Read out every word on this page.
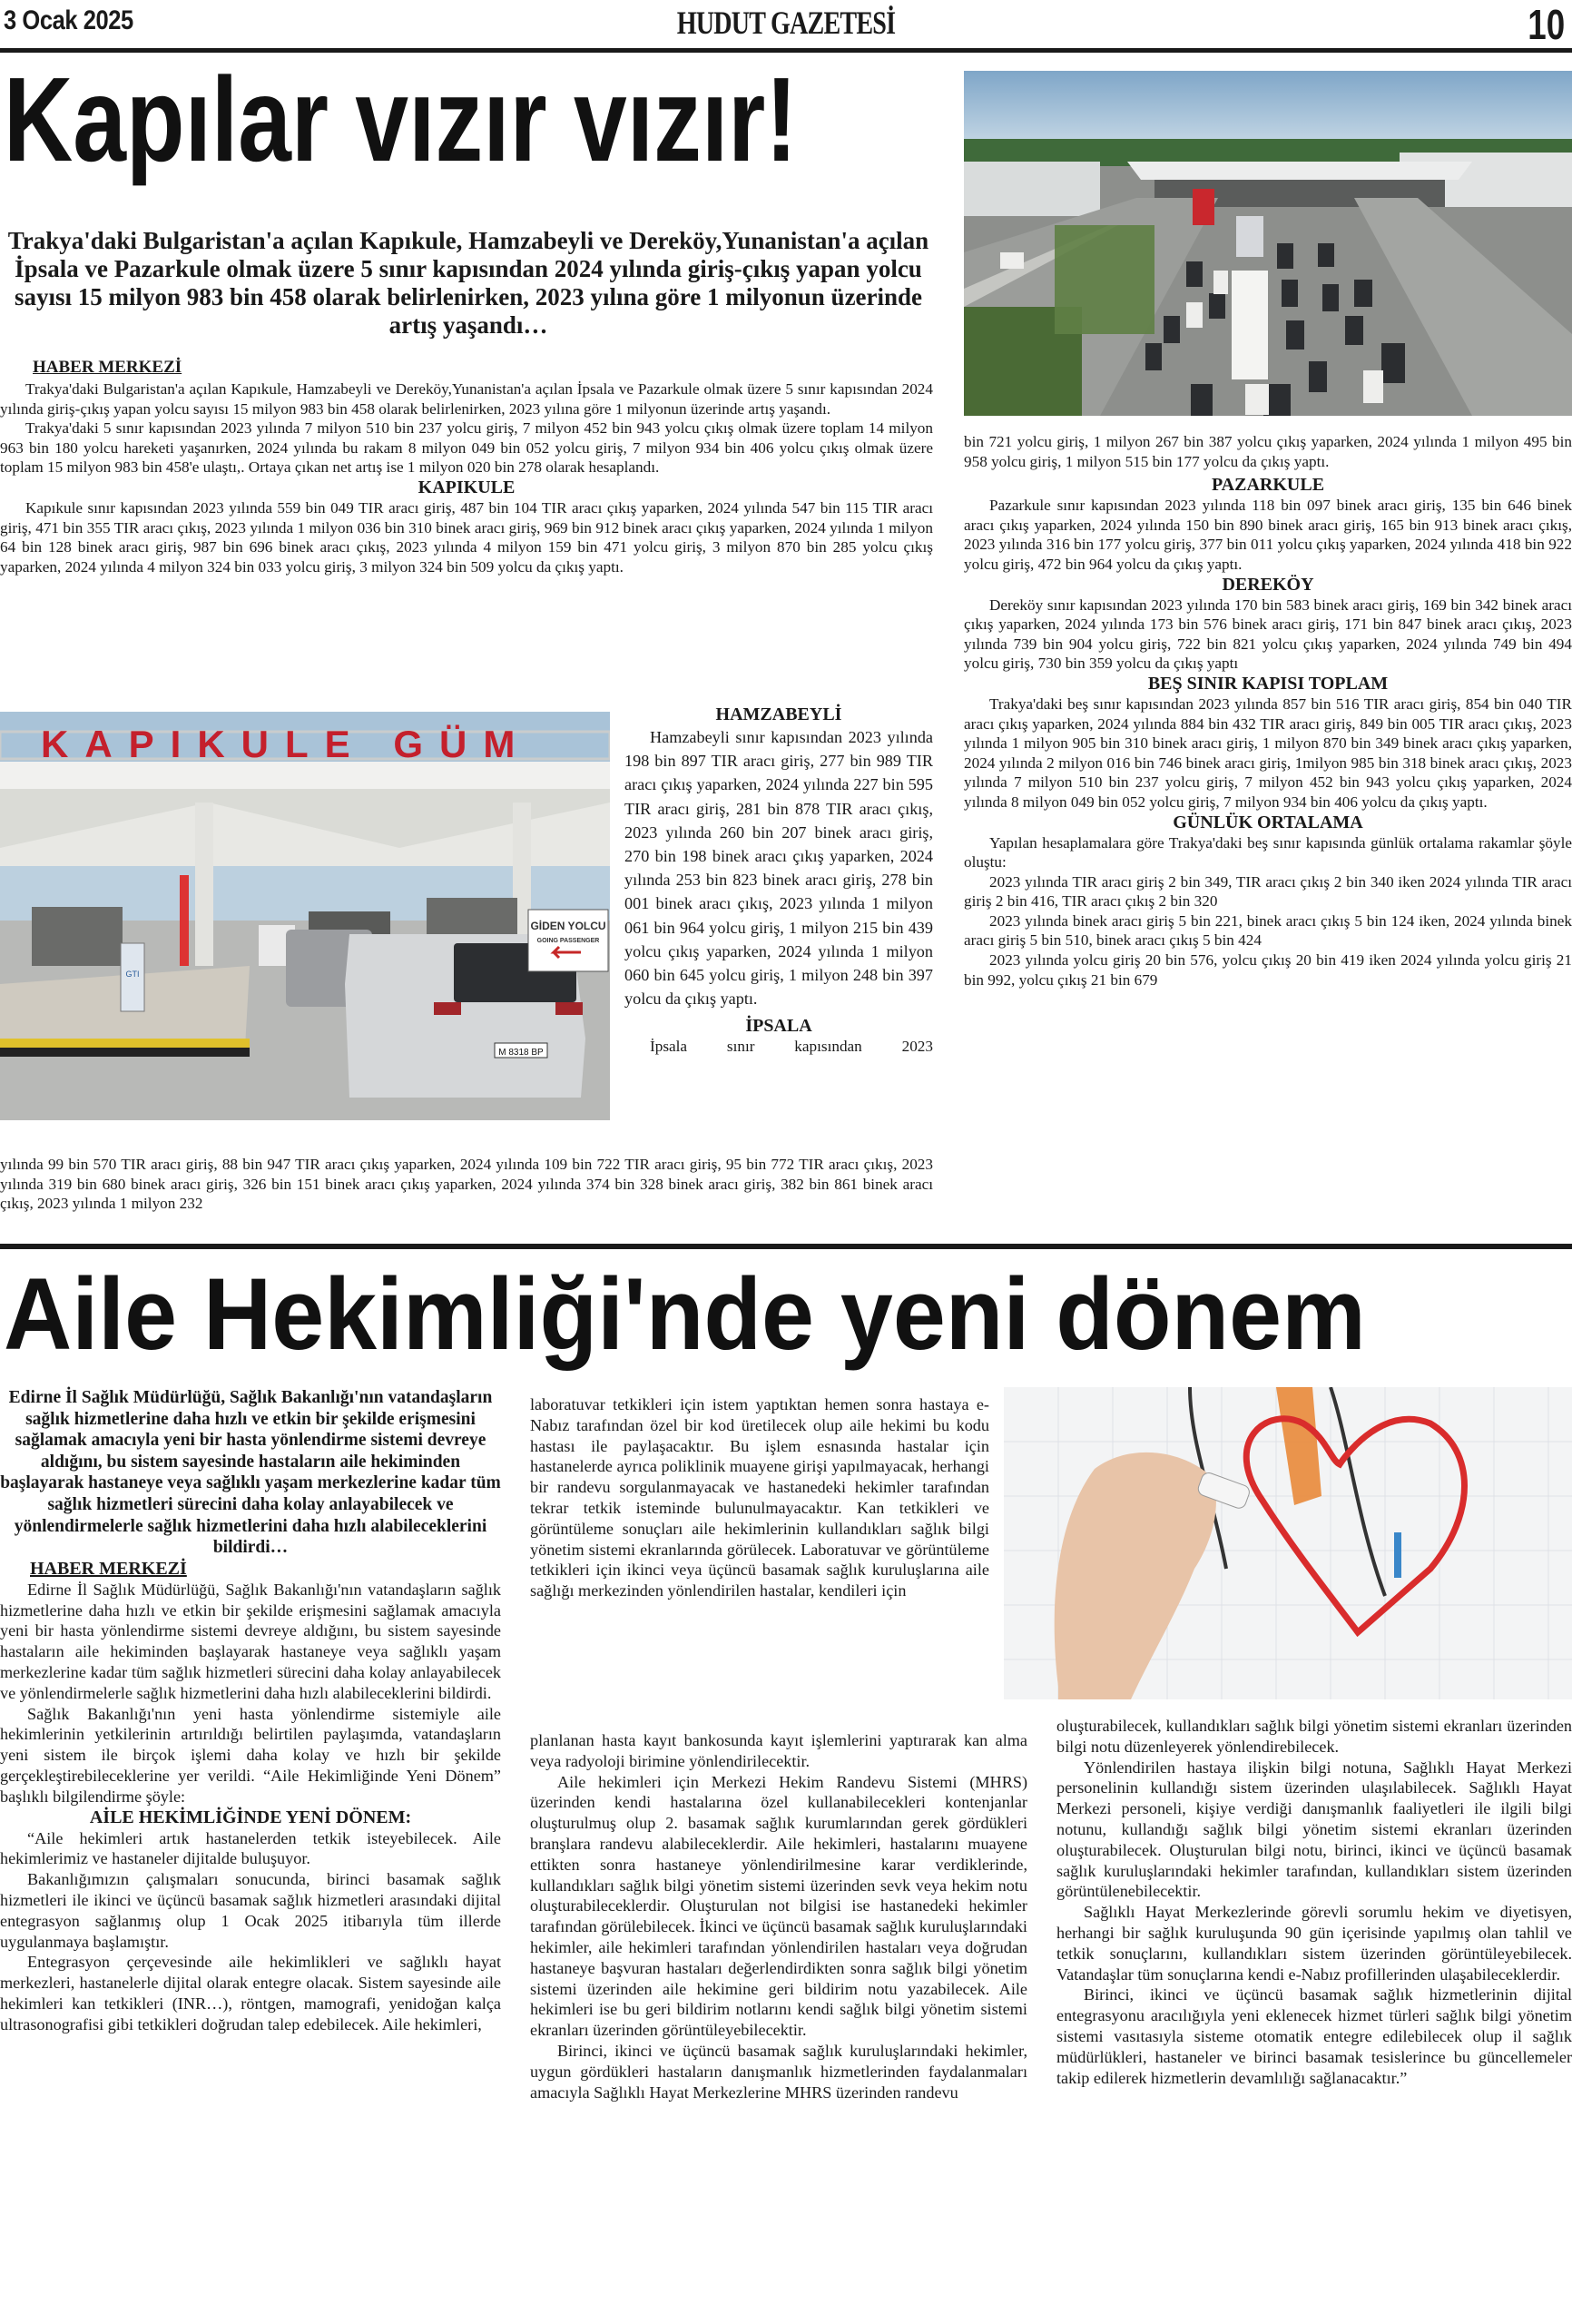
3 Ocak 2025	HUDUT GAZETESİ	10
Kapılar vızır vızır!
Trakya'daki Bulgaristan'a açılan Kapıkule, Hamzabeyli ve Dereköy,Yunanistan'a açılan İpsala ve Pazarkule olmak üzere 5 sınır kapısından 2024 yılında giriş-çıkış yapan yolcu sayısı 15 milyon 983 bin 458 olarak belirlenirken, 2023 yılına göre 1 milyonun üzerinde artış yaşandı…
HABER MERKEZİ

Trakya'daki Bulgaristan'a açılan Kapıkule, Hamzabeyli ve Dereköy,Yunanistan'a açılan İpsala ve Pazarkule olmak üzere 5 sınır kapısından 2024 yılında giriş-çıkış yapan yolcu sayısı 15 milyon 983 bin 458 olarak belirlenirken, 2023 yılına göre 1 milyonun üzerinde artış yaşandı.

Trakya'daki 5 sınır kapısından 2023 yılında 7 milyon 510 bin 237 yolcu giriş, 7 milyon 452 bin 943 yolcu çıkış olmak üzere toplam 14 milyon 963 bin 180 yolcu hareketi yaşanırken, 2024 yılında bu rakam 8 milyon 049 bin 052 yolcu giriş, 7 milyon 934 bin 406 yolcu çıkış olmak üzere toplam 15 milyon 983 bin 458'e ulaştı,. Ortaya çıkan net artış ise 1 milyon 020 bin 278 olarak hesaplandı.

KAPIKULE

Kapıkule sınır kapısından 2023 yılında 559 bin 049 TIR aracı giriş, 487 bin 104 TIR aracı çıkış yaparken, 2024 yılında 547 bin 115 TIR aracı giriş, 471 bin 355 TIR aracı çıkış, 2023 yılında 1 milyon 036 bin 310 binek aracı giriş, 969 bin 912 binek aracı çıkış yaparken, 2024 yılında 1 milyon 64 bin 128 binek aracı giriş, 987 bin 696 binek aracı çıkış, 2023 yılında 4 milyon 159 bin 471 yolcu giriş, 3 milyon 870 bin 285 yolcu çıkış yaparken, 2024 yılında 4 milyon 324 bin 033 yolcu giriş, 3 milyon 324 bin 509 yolcu da çıkış yaptı.

GTI
M 8318 BP
GİDEN YOLCU
GOING PASSENGER
KAPIKULE GÜM

HAMZABEYLİ

Hamzabeyli sınır kapısından 2023 yılında 198 bin 897 TIR aracı giriş, 277 bin 989 TIR aracı çıkış yaparken, 2024 yılında 227 bin 595 TIR aracı giriş, 281 bin 878 TIR aracı çıkış, 2023 yılında 260 bin 207 binek aracı giriş, 270 bin 198 binek aracı çıkış yaparken, 2024 yılında 253 bin 823 binek aracı giriş, 278 bin 001 binek aracı çıkış, 2023 yılında 1 milyon 061 bin 964 yolcu giriş, 1 milyon 215 bin 439 yolcu çıkış yaparken, 2024 yılında 1 milyon 060 bin 645 yolcu giriş, 1 milyon 248 bin 397 yolcu da çıkış yaptı.

İPSALA

İpsala sınır kapısından 2023

yılında 99 bin 570 TIR aracı giriş, 88 bin 947 TIR aracı çıkış yaparken, 2024 yılında 109 bin 722 TIR aracı giriş, 95 bin 772 TIR aracı çıkış, 2023 yılında 319 bin 680 binek aracı giriş, 326 bin 151 binek aracı çıkış yaparken, 2024 yılında 374 bin 328 binek aracı giriş, 382 bin 861 binek aracı çıkış, 2023 yılında 1 milyon 232

bin 721 yolcu giriş, 1 milyon 267 bin 387 yolcu çıkış yaparken, 2024 yılında 1 milyon 495 bin 958 yolcu giriş, 1 milyon 515 bin 177 yolcu da çıkış yaptı.

PAZARKULE

Pazarkule sınır kapısından 2023 yılında 118 bin 097 binek aracı giriş, 135 bin 646 binek aracı çıkış yaparken, 2024 yılında 150 bin 890 binek aracı giriş, 165 bin 913 binek aracı çıkış, 2023 yılında 316 bin 177 yolcu giriş, 377 bin 011 yolcu çıkış yaparken, 2024 yılında 418 bin 922 yolcu giriş, 472 bin 964 yolcu da çıkış yaptı.

DEREKÖY

Dereköy sınır kapısından 2023 yılında 170 bin 583 binek aracı giriş, 169 bin 342 binek aracı çıkış yaparken, 2024 yılında 173 bin 576 binek aracı giriş, 171 bin 847 binek aracı çıkış, 2023 yılında 739 bin 904 yolcu giriş, 722 bin 821 yolcu çıkış yaparken, 2024 yılında 749 bin 494 yolcu giriş, 730 bin 359 yolcu da çıkış yaptı

BEŞ SINIR KAPISI TOPLAM

Trakya'daki beş sınır kapısından 2023 yılında 857 bin 516 TIR aracı giriş, 854 bin 040 TIR aracı çıkış yaparken, 2024 yılında 884 bin 432 TIR aracı giriş, 849 bin 005 TIR aracı çıkış, 2023 yılında 1 milyon 905 bin 310 binek aracı giriş, 1 milyon 870 bin 349 binek aracı çıkış yaparken, 2024 yılında 2 milyon 016 bin 746 binek aracı giriş, 1milyon 985 bin 318 binek aracı çıkış, 2023 yılında 7 milyon 510 bin 237 yolcu giriş, 7 milyon 452 bin 943 yolcu çıkış yaparken, 2024 yılında 8 milyon 049 bin 052 yolcu giriş, 7 milyon 934 bin 406 yolcu da çıkış yaptı.

GÜNLÜK ORTALAMA

Yapılan hesaplamalara göre Trakya'daki beş sınır kapısında günlük ortalama rakamlar şöyle oluştu:

2023 yılında TIR aracı giriş 2 bin 349, TIR aracı çıkış 2 bin 340 iken 2024 yılında TIR aracı giriş 2 bin 416, TIR aracı çıkış 2 bin 320

2023 yılında binek aracı giriş 5 bin 221, binek aracı çıkış 5 bin 124 iken, 2024 yılında binek aracı giriş 5 bin 510, binek aracı çıkış 5 bin 424

2023 yılında yolcu giriş 20 bin 576, yolcu çıkış 20 bin 419 iken 2024 yılında yolcu giriş 21 bin 992, yolcu çıkış 21 bin 679

Aile Hekimliği'nde yeni dönem

Edirne İl Sağlık Müdürlüğü, Sağlık Bakanlığı'nın vatandaşların sağlık hizmetlerine daha hızlı ve etkin bir şekilde erişmesini sağlamak amacıyla yeni bir hasta yönlendirme sistemi devreye aldığını, bu sistem sayesinde hastaların aile hekiminden başlayarak hastaneye veya sağlıklı yaşam merkezlerine kadar tüm sağlık hizmetleri sürecini daha kolay anlayabilecek ve yönlendirmelerle sağlık hizmetlerini daha hızlı alabileceklerini bildirdi…

HABER MERKEZİ

Edirne İl Sağlık Müdürlüğü, Sağlık Bakanlığı'nın vatandaşların sağlık hizmetlerine daha hızlı ve etkin bir şekilde erişmesini sağlamak amacıyla yeni bir hasta yönlendirme sistemi devreye aldığını, bu sistem sayesinde hastaların aile hekiminden başlayarak hastaneye veya sağlıklı yaşam merkezlerine kadar tüm sağlık hizmetleri sürecini daha kolay anlayabilecek ve yönlendirmelerle sağlık hizmetlerini daha hızlı alabileceklerini bildirdi.

Sağlık Bakanlığı'nın yeni hasta yönlendirme sistemiyle aile hekimlerinin yetkilerinin artırıldığı belirtilen paylaşımda, vatandaşların yeni sistem ile birçok işlemi daha kolay ve hızlı bir şekilde gerçekleştirebileceklerine yer verildi. “Aile Hekimliğinde Yeni Dönem” başlıklı bilgilendirme şöyle:

AİLE HEKİMLİĞİNDE YENİ DÖNEM:

“Aile hekimleri artık hastanelerden tetkik isteyebilecek. Aile hekimlerimiz ve hastaneler dijitalde buluşuyor.

Bakanlığımızın çalışmaları sonucunda, birinci basamak sağlık hizmetleri ile ikinci ve üçüncü basamak sağlık hizmetleri arasındaki dijital entegrasyon sağlanmış olup 1 Ocak 2025 itibarıyla tüm illerde uygulanmaya başlamıştır.

Entegrasyon çerçevesinde aile hekimlikleri ve sağlıklı hayat merkezleri, hastanelerle dijital olarak entegre olacak. Sistem sayesinde aile hekimleri kan tetkikleri (INR…), röntgen, mamografi, yenidoğan kalça ultrasonografisi gibi tetkikleri doğrudan talep edebilecek. Aile hekimleri,

laboratuvar tetkikleri için istem yaptıktan hemen sonra hastaya e-Nabız tarafından özel bir kod üretilecek olup aile hekimi bu kodu hastası ile paylaşacaktır. Bu işlem esnasında hastalar için hastanelerde ayrıca poliklinik muayene girişi yapılmayacak, herhangi bir randevu sorgulanmayacak ve hastanedeki hekimler tarafından tekrar tetkik isteminde bulunulmayacaktır. Kan tetkikleri ve görüntüleme sonuçları aile hekimlerinin kullandıkları sağlık bilgi yönetim sistemi ekranlarında görülecek. Laboratuvar ve görüntüleme tetkikleri için ikinci veya üçüncü basamak sağlık kuruluşlarına aile sağlığı merkezinden yönlendirilen hastalar, kendileri için

planlanan hasta kayıt bankosunda kayıt işlemlerini yaptırarak kan alma veya radyoloji birimine yönlendirilecektir.

Aile hekimleri için Merkezi Hekim Randevu Sistemi (MHRS) üzerinden kendi hastalarına özel kullanabilecekleri kontenjanlar oluşturulmuş olup 2. basamak sağlık kurumlarından gerek gördükleri branşlara randevu alabileceklerdir. Aile hekimleri, hastalarını muayene ettikten sonra hastaneye yönlendirilmesine karar verdiklerinde, kullandıkları sağlık bilgi yönetim sistemi üzerinden sevk veya hekim notu oluşturabileceklerdir. Oluşturulan not bilgisi ise hastanedeki hekimler tarafından görülebilecek. İkinci ve üçüncü basamak sağlık kuruluşlarındaki hekimler, aile hekimleri tarafından yönlendirilen hastaları veya doğrudan hastaneye başvuran hastaları değerlendirdikten sonra sağlık bilgi yönetim sistemi üzerinden aile hekimine geri bildirim notu yazabilecek. Aile hekimleri ise bu geri bildirim notlarını kendi sağlık bilgi yönetim sistemi ekranları üzerinden görüntüleyebilecektir.

Birinci, ikinci ve üçüncü basamak sağlık kuruluşlarındaki hekimler, uygun gördükleri hastaların danışmanlık hizmetlerinden faydalanmaları amacıyla Sağlıklı Hayat Merkezlerine MHRS üzerinden randevu

oluşturabilecek, kullandıkları sağlık bilgi yönetim sistemi ekranları üzerinden bilgi notu düzenleyerek yönlendirebilecek.

Yönlendirilen hastaya ilişkin bilgi notuna, Sağlıklı Hayat Merkezi personelinin kullandığı sistem üzerinden ulaşılabilecek. Sağlıklı Hayat Merkezi personeli, kişiye verdiği danışmanlık faaliyetleri ile ilgili bilgi notunu, kullandığı sağlık bilgi yönetim sistemi ekranları üzerinden oluşturabilecek. Oluşturulan bilgi notu, birinci, ikinci ve üçüncü basamak sağlık kuruluşlarındaki hekimler tarafından, kullandıkları sistem üzerinden görüntülenebilecektir.

Sağlıklı Hayat Merkezlerinde görevli sorumlu hekim ve diyetisyen, herhangi bir sağlık kuruluşunda 90 gün içerisinde yapılmış olan tahlil ve tetkik sonuçlarını, kullandıkları sistem üzerinden görüntüleyebilecek. Vatandaşlar tüm sonuçlarına kendi e-Nabız profillerinden ulaşabileceklerdir.

Birinci, ikinci ve üçüncü basamak sağlık hizmetlerinin dijital entegrasyonu aracılığıyla yeni eklenecek hizmet türleri sağlık bilgi yönetim sistemi vasıtasıyla sisteme otomatik entegre edilebilecek olup il sağlık müdürlükleri, hastaneler ve birinci basamak tesislerince bu güncellemeler takip edilerek hizmetlerin devamlılığı sağlanacaktır.”
